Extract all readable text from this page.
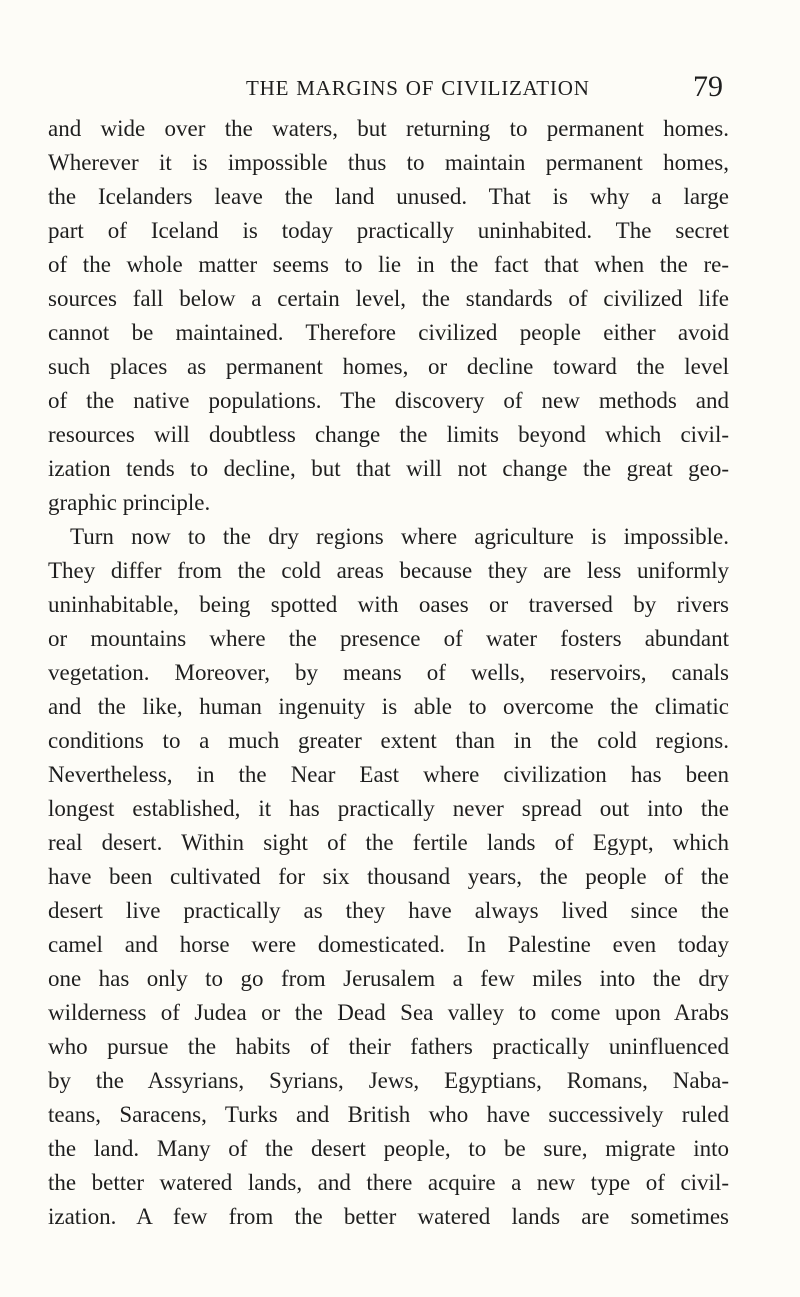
THE MARGINS OF CIVILIZATION	79
and wide over the waters, but returning to permanent homes.
Wherever it is impossible thus to maintain permanent homes,
the Icelanders leave the land unused. That is why a large
part of Iceland is today practically uninhabited. The secret
of the whole matter seems to lie in the fact that when the re-
sources fall below a certain level, the standards of civilized life
cannot be maintained. Therefore civilized people either avoid
such places as permanent homes, or decline toward the level
of the native populations. The discovery of new methods and
resources will doubtless change the limits beyond which civil-
ization tends to decline, but that will not change the great geo-
graphic principle.
Turn now to the dry regions where agriculture is impossible.
They differ from the cold areas because they are less uniformly
uninhabitable, being spotted with oases or traversed by rivers
or mountains where the presence of water fosters abundant
vegetation. Moreover, by means of wells, reservoirs, canals
and the like, human ingenuity is able to overcome the climatic
conditions to a much greater extent than in the cold regions.
Nevertheless, in the Near East where civilization has been
longest established, it has practically never spread out into the
real desert. Within sight of the fertile lands of Egypt, which
have been cultivated for six thousand years, the people of the
desert live practically as they have always lived since the
camel and horse were domesticated. In Palestine even today
one has only to go from Jerusalem a few miles into the dry
wilderness of Judea or the Dead Sea valley to come upon Arabs
who pursue the habits of their fathers practically uninfluenced
by the Assyrians, Syrians, Jews, Egyptians, Romans, Naba-
teans, Saracens, Turks and British who have successively ruled
the land. Many of the desert people, to be sure, migrate into
the better watered lands, and there acquire a new type of civil-
ization. A few from the better watered lands are sometimes
